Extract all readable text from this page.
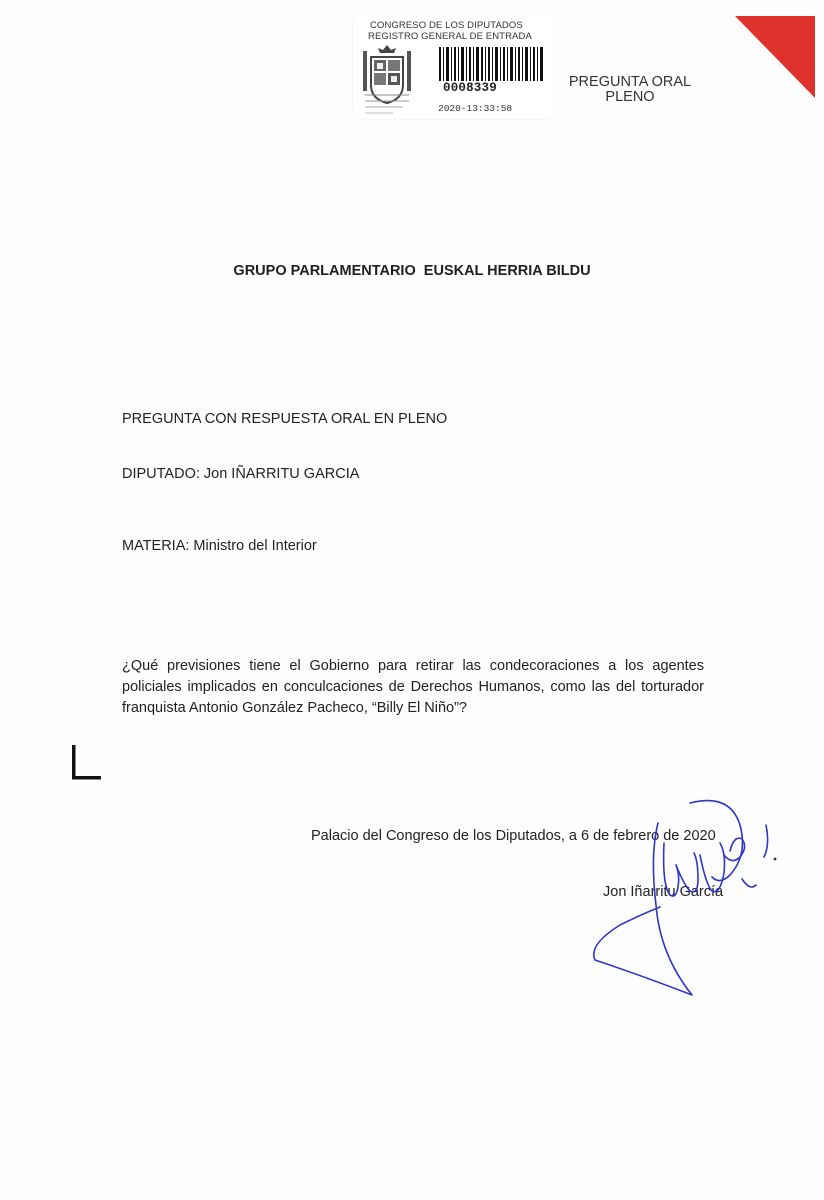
CONGRESO DE LOS DIPUTADOS
REGISTRO GENERAL DE ENTRADA
0008339
2020-13:33:58
PREGUNTA ORAL
PLENO
GRUPO PARLAMENTARIO  EUSKAL HERRIA BILDU
PREGUNTA CON RESPUESTA ORAL EN PLENO
DIPUTADO: Jon IÑARRITU GARCIA
MATERIA: Ministro del Interior
¿Qué previsiones tiene el Gobierno para retirar las condecoraciones a los agentes policiales implicados en conculcaciones de Derechos Humanos, como las del torturador franquista Antonio González Pacheco, “Billy El Niño”?
Palacio del Congreso de los Diputados, a 6 de febrero de 2020
Jon Iñarritu García
